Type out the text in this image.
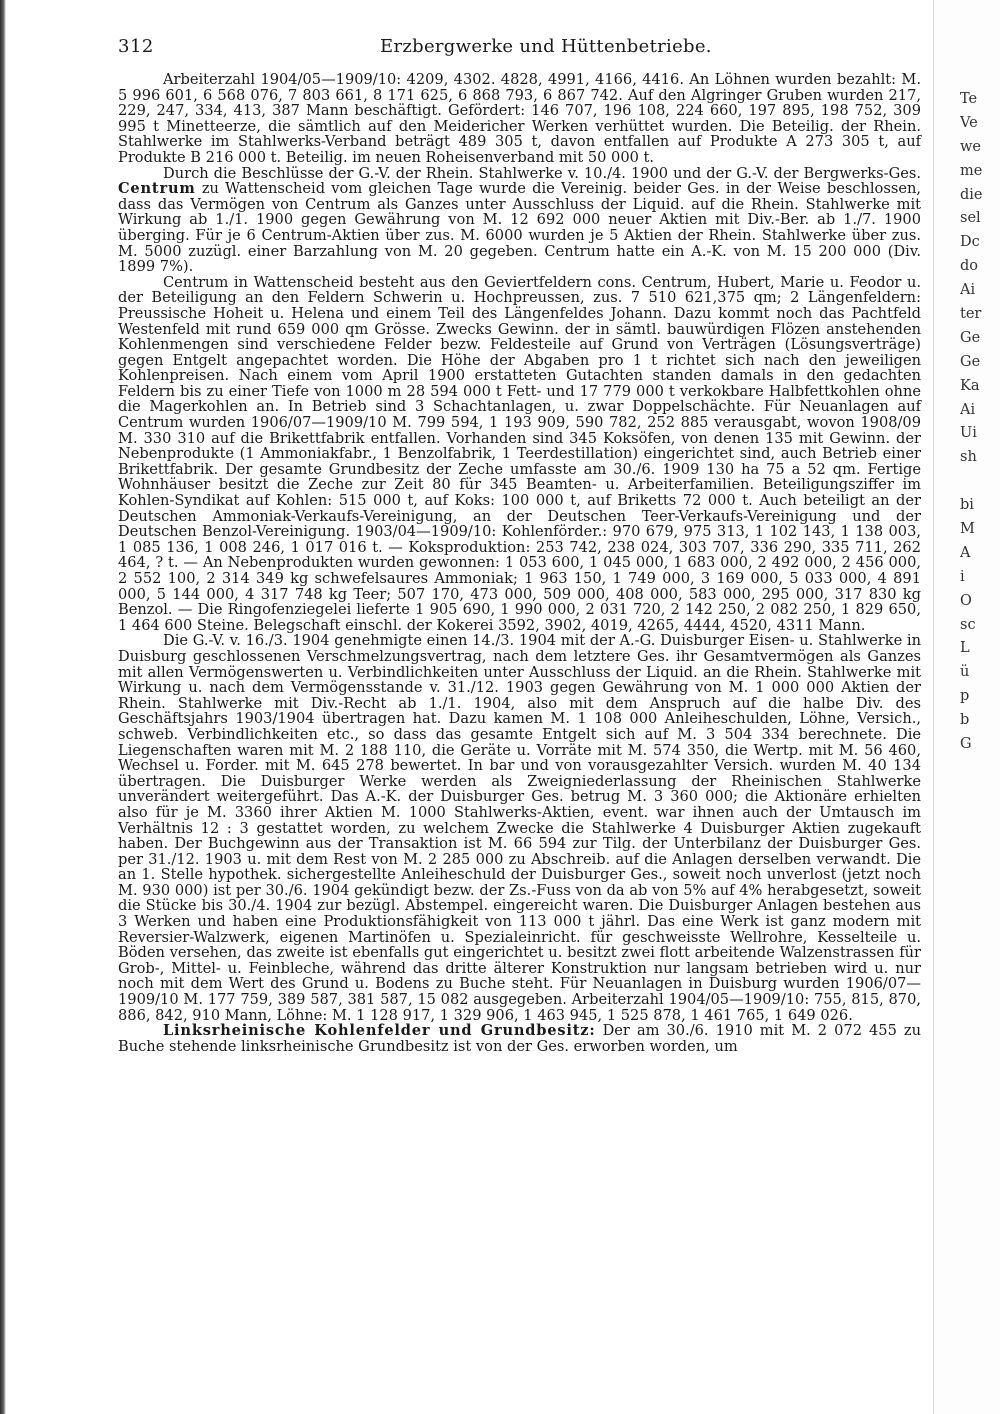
312	Erzbergwerke und Hüttenbetriebe.

Arbeiterzahl 1904/05—1909/10: 4209, 4302. 4828, 4991, 4166, 4416. An Löhnen wurden bezahlt: M. 5 996 601, 6 568 076, 7 803 661, 8 171 625, 6 868 793, 6 867 742. Auf den Algringer Gruben wurden 217, 229, 247, 334, 413, 387 Mann beschäftigt. Gefördert: 146 707, 196 108, 224 660, 197 895, 198 752, 309 995 t Minetteerze, die sämtlich auf den Meidericher Werken verhüttet wurden. Die Beteilig. der Rhein. Stahlwerke im Stahlwerks-Verband beträgt 489 305 t, davon entfallen auf Produkte A 273 305 t, auf Produkte B 216 000 t. Beteilig. im neuen Roheisenverband mit 50 000 t.

Durch die Beschlüsse der G.-V. der Rhein. Stahlwerke v. 10./4. 1900 und der G.-V. der Bergwerks-Ges. Centrum zu Wattenscheid vom gleichen Tage wurde die Vereinig. beider Ges. in der Weise beschlossen, dass das Vermögen von Centrum als Ganzes unter Ausschluss der Liquid. auf die Rhein. Stahlwerke mit Wirkung ab 1./1. 1900 gegen Gewährung von M. 12 692 000 neuer Aktien mit Div.-Ber. ab 1./7. 1900 überging. Für je 6 Centrum-Aktien über zus. M. 6000 wurden je 5 Aktien der Rhein. Stahlwerke über zus. M. 5000 zuzügl. einer Barzahlung von M. 20 gegeben. Centrum hatte ein A.-K. von M. 15 200 000 (Div. 1899 7%).

Centrum in Wattenscheid besteht aus den Geviertfeldern cons. Centrum, Hubert, Marie u. Feodor u. der Beteiligung an den Feldern Schwerin u. Hochpreussen, zus. 7 510 621,375 qm; 2 Längenfeldern: Preussische Hoheit u. Helena und einem Teil des Längenfeldes Johann. Dazu kommt noch das Pachtfeld Westenfeld mit rund 659 000 qm Grösse. Zwecks Gewinn. der in sämtl. bauwürdigen Flözen anstehenden Kohlenmengen sind verschiedene Felder bezw. Feldesteile auf Grund von Verträgen (Lösungsverträge) gegen Entgelt angepachtet worden. Die Höhe der Abgaben pro 1 t richtet sich nach den jeweiligen Kohlenpreisen. Nach einem vom April 1900 erstatteten Gutachten standen damals in den gedachten Feldern bis zu einer Tiefe von 1000 m 28 594 000 t Fett- und 17 779 000 t verkokbare Halbfettkohlen ohne die Magerkohlen an. In Betrieb sind 3 Schachtanlagen, u. zwar Doppelschächte. Für Neuanlagen auf Centrum wurden 1906/07—1909/10 M. 799 594, 1 193 909, 590 782, 252 885 verausgabt, wovon 1908/09 M. 330 310 auf die Brikettfabrik entfallen. Vorhanden sind 345 Koksöfen, von denen 135 mit Gewinn. der Nebenprodukte (1 Ammoniakfabr., 1 Benzolfabrik, 1 Teerdestillation) eingerichtet sind, auch Betrieb einer Brikettfabrik. Der gesamte Grundbesitz der Zeche umfasste am 30./6. 1909 130 ha 75 a 52 qm. Fertige Wohnhäuser besitzt die Zeche zur Zeit 80 für 345 Beamten- u. Arbeiterfamilien. Beteiligungsziffer im Kohlen-Syndikat auf Kohlen: 515 000 t, auf Koks: 100 000 t, auf Briketts 72 000 t. Auch beteiligt an der Deutschen Ammoniak-Verkaufs-Vereinigung, an der Deutschen Teer-Verkaufs-Vereinigung und der Deutschen Benzol-Vereinigung. 1903/04—1909/10: Kohlenförder.: 970 679, 975 313, 1 102 143, 1 138 003, 1 085 136, 1 008 246, 1 017 016 t. — Koksproduktion: 253 742, 238 024, 303 707, 336 290, 335 711, 262 464, ? t. — An Nebenprodukten wurden gewonnen: 1 053 600, 1 045 000, 1 683 000, 2 492 000, 2 456 000, 2 552 100, 2 314 349 kg schwefelsaures Ammoniak; 1 963 150, 1 749 000, 3 169 000, 5 033 000, 4 891 000, 5 144 000, 4 317 748 kg Teer; 507 170, 473 000, 509 000, 408 000, 583 000, 295 000, 317 830 kg Benzol. — Die Ringofenziegelei lieferte 1 905 690, 1 990 000, 2 031 720, 2 142 250, 2 082 250, 1 829 650, 1 464 600 Steine. Belegschaft einschl. der Kokerei 3592, 3902, 4019, 4265, 4444, 4520, 4311 Mann.

Die G.-V. v. 16./3. 1904 genehmigte einen 14./3. 1904 mit der A.-G. Duisburger Eisen- u. Stahlwerke in Duisburg geschlossenen Verschmelzungsvertrag, nach dem letztere Ges. ihr Gesamtvermögen als Ganzes mit allen Vermögenswerten u. Verbindlichkeiten unter Ausschluss der Liquid. an die Rhein. Stahlwerke mit Wirkung u. nach dem Vermögensstande v. 31./12. 1903 gegen Gewährung von M. 1 000 000 Aktien der Rhein. Stahlwerke mit Div.-Recht ab 1./1. 1904, also mit dem Anspruch auf die halbe Div. des Geschäftsjahrs 1903/1904 übertragen hat. Dazu kamen M. 1 108 000 Anleiheschulden, Löhne, Versich., schweb. Verbindlichkeiten etc., so dass das gesamte Entgelt sich auf M. 3 504 334 berechnete. Die Liegenschaften waren mit M. 2 188 110, die Geräte u. Vorräte mit M. 574 350, die Wertp. mit M. 56 460, Wechsel u. Forder. mit M. 645 278 bewertet. In bar und von vorausgezahlter Versich. wurden M. 40 134 übertragen. Die Duisburger Werke werden als Zweigniederlassung der Rheinischen Stahlwerke unverändert weitergeführt. Das A.-K. der Duisburger Ges. betrug M. 3 360 000; die Aktionäre erhielten also für je M. 3360 ihrer Aktien M. 1000 Stahlwerks-Aktien, event. war ihnen auch der Umtausch im Verhältnis 12 : 3 gestattet worden, zu welchem Zwecke die Stahlwerke 4 Duisburger Aktien zugekauft haben. Der Buchgewinn aus der Transaktion ist M. 66 594 zur Tilg. der Unterbilanz der Duisburger Ges. per 31./12. 1903 u. mit dem Rest von M. 2 285 000 zu Abschreib. auf die Anlagen derselben verwandt. Die an 1. Stelle hypothek. sichergestellte Anleiheschuld der Duisburger Ges., soweit noch unverlost (jetzt noch M. 930 000) ist per 30./6. 1904 gekündigt bezw. der Zs.-Fuss von da ab von 5% auf 4% herabgesetzt, soweit die Stücke bis 30./4. 1904 zur bezügl. Abstempel. eingereicht waren. Die Duisburger Anlagen bestehen aus 3 Werken und haben eine Produktionsfähigkeit von 113 000 t jährl. Das eine Werk ist ganz modern mit Reversier-Walzwerk, eigenen Martinöfen u. Spezialeinricht. für geschweisste Wellrohre, Kesselteile u. Böden versehen, das zweite ist ebenfalls gut eingerichtet u. besitzt zwei flott arbeitende Walzenstrassen für Grob-, Mittel- u. Feinbleche, während das dritte älterer Konstruktion nur langsam betrieben wird u. nur noch mit dem Wert des Grund u. Bodens zu Buche steht. Für Neuanlagen in Duisburg wurden 1906/07—1909/10 M. 177 759, 389 587, 381 587, 15 082 ausgegeben. Arbeiterzahl 1904/05—1909/10: 755, 815, 870, 886, 842, 910 Mann, Löhne: M. 1 128 917, 1 329 906, 1 463 945, 1 525 878, 1 461 765, 1 649 026.

Linksrheinische Kohlenfelder und Grundbesitz: Der am 30./6. 1910 mit M. 2 072 455 zu Buche stehende linksrheinische Grundbesitz ist von der Ges. erworben worden, um

Te
Ve
we
me
die
sel
Dc
do
Ai
ter
Ge
Ge
Ka
Ai
Ui
sh
bi
M
A
i
O
sc
L
ü
p
b
G
